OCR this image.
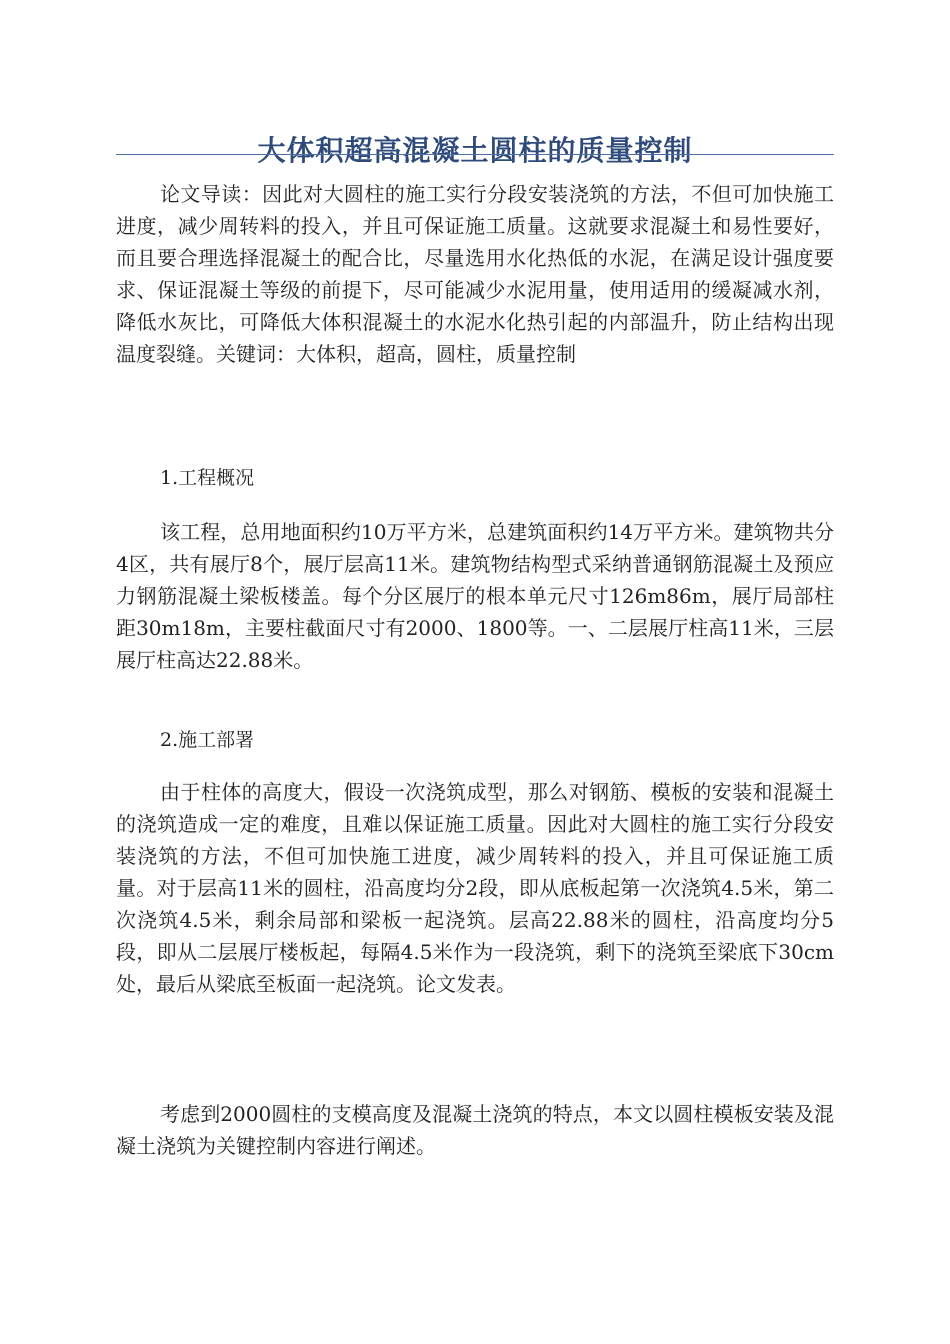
大体积超高混凝土圆柱的质量控制

论文导读：因此对大圆柱的施工实行分段安装浇筑的方法，不但可加快施工进度，减少周转料的投入，并且可保证施工质量。这就要求混凝土和易性要好，而且要合理选择混凝土的配合比，尽量选用水化热低的水泥，在满足设计强度要求、保证混凝土等级的前提下，尽可能减少水泥用量，使用适用的缓凝减水剂，降低水灰比，可降低大体积混凝土的水泥水化热引起的内部温升，防止结构出现温度裂缝。关键词：大体积，超高，圆柱，质量控制

1.工程概况

该工程，总用地面积约10万平方米，总建筑面积约14万平方米。建筑物共分4区，共有展厅8个，展厅层高11米。建筑物结构型式采纳普通钢筋混凝土及预应力钢筋混凝土梁板楼盖。每个分区展厅的根本单元尺寸126m86m，展厅局部柱距30m18m，主要柱截面尺寸有2000、1800等。一、二层展厅柱高11米，三层展厅柱高达22.88米。

2.施工部署

由于柱体的高度大，假设一次浇筑成型，那么对钢筋、模板的安装和混凝土的浇筑造成一定的难度，且难以保证施工质量。因此对大圆柱的施工实行分段安装浇筑的方法，不但可加快施工进度，减少周转料的投入，并且可保证施工质量。对于层高11米的圆柱，沿高度均分2段，即从底板起第一次浇筑4.5米，第二次浇筑4.5米，剩余局部和梁板一起浇筑。层高22.88米的圆柱，沿高度均分5段，即从二层展厅楼板起，每隔4.5米作为一段浇筑，剩下的浇筑至梁底下30cm处，最后从梁底至板面一起浇筑。论文发表。

考虑到2000圆柱的支模高度及混凝土浇筑的特点，本文以圆柱模板安装及混凝土浇筑为关键控制内容进行阐述。
